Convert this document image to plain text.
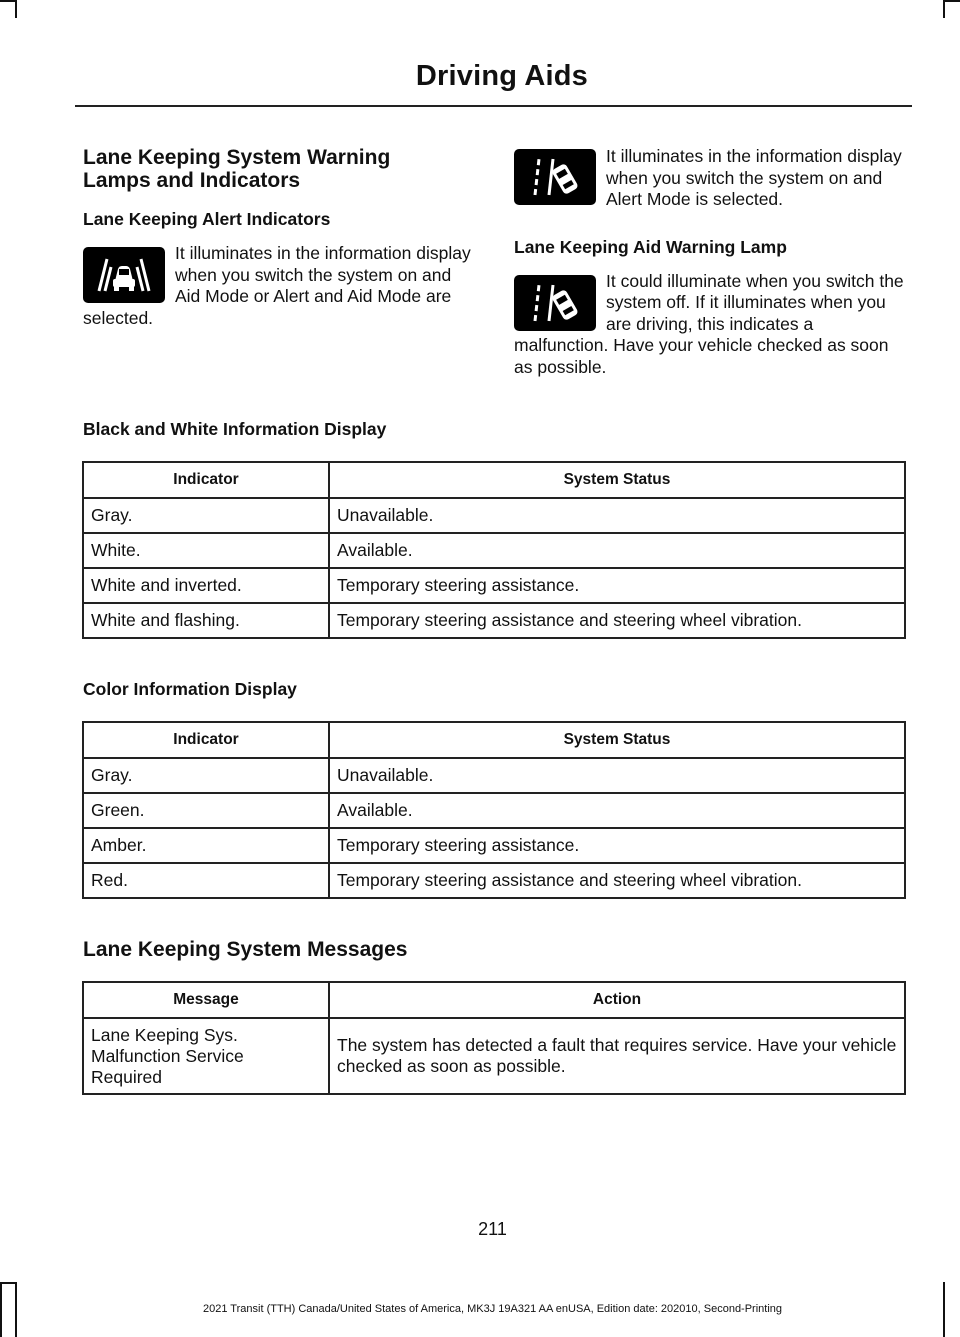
Driving Aids
Lane Keeping System Warning Lamps and Indicators
Lane Keeping Alert Indicators

It illuminates in the information display when you switch the system on and Aid Mode or Alert and Aid Mode are selected.

It illuminates in the information display when you switch the system on and Alert Mode is selected.

Lane Keeping Aid Warning Lamp

It could illuminate when you switch the system off. If it illuminates when you are driving, this indicates a malfunction. Have your vehicle checked as soon as possible.

Black and White Information Display
Indicator	System Status
Gray.	Unavailable.
White.	Available.
White and inverted.	Temporary steering assistance.
White and flashing.	Temporary steering assistance and steering wheel vibration.
Color Information Display
Indicator	System Status
Gray.	Unavailable.
Green.	Available.
Amber.	Temporary steering assistance.
Red.	Temporary steering assistance and steering wheel vibration.
Lane Keeping System Messages
Message	Action
Lane Keeping Sys. Malfunction Service Required	The system has detected a fault that requires service. Have your vehicle checked as soon as possible.
211
2021 Transit (TTH) Canada/United States of America, MK3J 19A321 AA enUSA, Edition date: 202010, Second-Printing
